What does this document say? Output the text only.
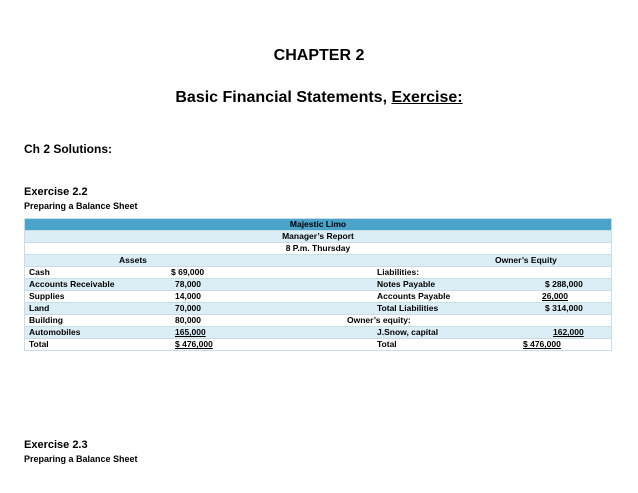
CHAPTER 2
Basic Financial Statements, Exercise:
Ch 2 Solutions:
Exercise 2.2
Preparing a Balance Sheet
Majestic Limo
Manager’s Report
8 P.m. Thursday
Assets	Owner’s Equity
Cash	$ 69,000	Liabilities:
Accounts Receivable	78,000	Notes Payable	$ 288,000
Supplies	14,000	Accounts Payable	26,000
Land	70,000	Total Liabilities	$ 314,000
Building	80,000	Owner’s equity:
Automobiles	165,000	J.Snow, capital	162,000
Total	$ 476,000	Total	$ 476,000
Exercise 2.3
Preparing a Balance Sheet
